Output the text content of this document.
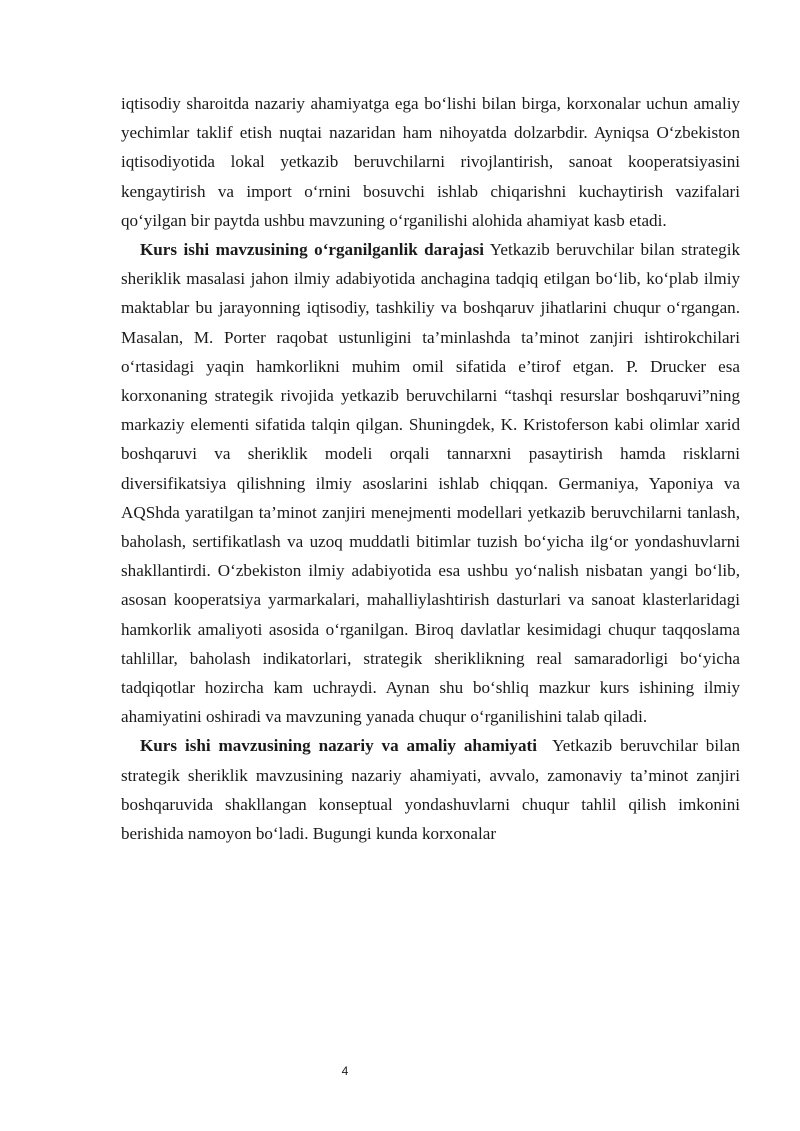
iqtisodiy sharoitda nazariy ahamiyatga ega bo‘lishi bilan birga, korxonalar uchun amaliy yechimlar taklif etish nuqtai nazaridan ham nihoyatda dolzarbdir. Ayniqsa O‘zbekiston iqtisodiyotida lokal yetkazib beruvchilarni rivojlantirish, sanoat kooperatsiyasini kengaytirish va import o‘rnini bosuvchi ishlab chiqarishni kuchaytirish vazifalari qo‘yilgan bir paytda ushbu mavzuning o‘rganilishi alohida ahamiyat kasb etadi.

Kurs ishi mavzusining o‘rganilganlik darajasi Yetkazib beruvchilar bilan strategik sheriklik masalasi jahon ilmiy adabiyotida anchagina tadqiq etilgan bo‘lib, ko‘plab ilmiy maktablar bu jarayonning iqtisodiy, tashkiliy va boshqaruv jihatlarini chuqur o‘rgangan. Masalan, M. Porter raqobat ustunligini ta’minlashda ta’minot zanjiri ishtirokchilari o‘rtasidagi yaqin hamkorlikni muhim omil sifatida e’tirof etgan. P. Drucker esa korxonaning strategik rivojida yetkazib beruvchilarni “tashqi resurslar boshqaruvi”ning markaziy elementi sifatida talqin qilgan. Shuningdek, K. Kristoferson kabi olimlar xarid boshqaruvi va sheriklik modeli orqali tannarxni pasaytirish hamda risklarni diversifikatsiya qilishning ilmiy asoslarini ishlab chiqqan. Germaniya, Yaponiya va AQShda yaratilgan ta’minot zanjiri menejmenti modellari yetkazib beruvchilarni tanlash, baholash, sertifikatlash va uzoq muddatli bitimlar tuzish bo‘yicha ilg‘or yondashuvlarni shakllantirdi. O‘zbekiston ilmiy adabiyotida esa ushbu yo‘nalish nisbatan yangi bo‘lib, asosan kooperatsiya yarmarkalari, mahalliylashtirish dasturlari va sanoat klasterlaridagi hamkorlik amaliyoti asosida o‘rganilgan. Biroq davlatlar kesimidagi chuqur taqqoslama tahlillar, baholash indikatorlari, strategik sheriklikning real samaradorligi bo‘yicha tadqiqotlar hozircha kam uchraydi. Aynan shu bo‘shliq mazkur kurs ishining ilmiy ahamiyatini oshiradi va mavzuning yanada chuqur o‘rganilishini talab qiladi.

Kurs ishi mavzusining nazariy va amaliy ahamiyati Yetkazib beruvchilar bilan strategik sheriklik mavzusining nazariy ahamiyati, avvalo, zamonaviy ta’minot zanjiri boshqaruvida shakllangan konseptual yondashuvlarni chuqur tahlil qilish imkonini berishida namoyon bo‘ladi. Bugungi kunda korxonalar

4
